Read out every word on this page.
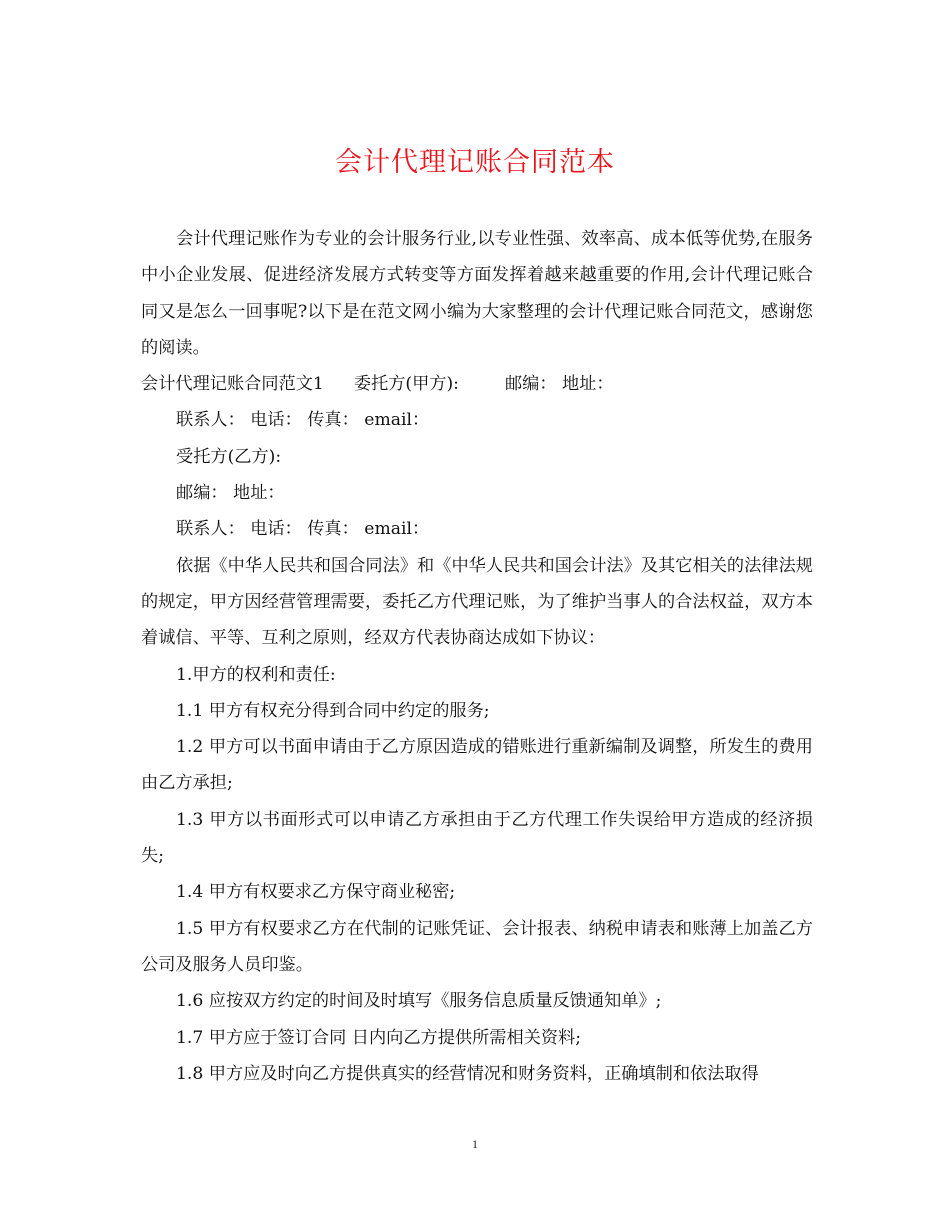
会计代理记账合同范本

会计代理记账作为专业的会计服务行业,以专业性强、效率高、成本低等优势,在服务中小企业发展、促进经济发展方式转变等方面发挥着越来越重要的作用,会计代理记账合同又是怎么一回事呢?以下是在范文网小编为大家整理的会计代理记账合同范文，感谢您的阅读。

会计代理记账合同范文1 委托方(甲方):	邮编： 地址：

联系人： 电话： 传真： email：

受托方(乙方):

邮编： 地址：

联系人： 电话： 传真： email：

依据《中华人民共和国合同法》和《中华人民共和国会计法》及其它相关的法律法规的规定，甲方因经营管理需要，委托乙方代理记账，为了维护当事人的合法权益，双方本着诚信、平等、互利之原则，经双方代表协商达成如下协议：

1.甲方的权利和责任:

1.1 甲方有权充分得到合同中约定的服务;

1.2 甲方可以书面申请由于乙方原因造成的错账进行重新编制及调整，所发生的费用由乙方承担;

1.3 甲方以书面形式可以申请乙方承担由于乙方代理工作失误给甲方造成的经济损失;

1.4 甲方有权要求乙方保守商业秘密;

1.5 甲方有权要求乙方在代制的记账凭证、会计报表、纳税申请表和账薄上加盖乙方公司及服务人员印鉴。

1.6 应按双方约定的时间及时填写《服务信息质量反馈通知单》;

1.7 甲方应于签订合同 日内向乙方提供所需相关资料;

1.8 甲方应及时向乙方提供真实的经营情况和财务资料，正确填制和依法取得

1
